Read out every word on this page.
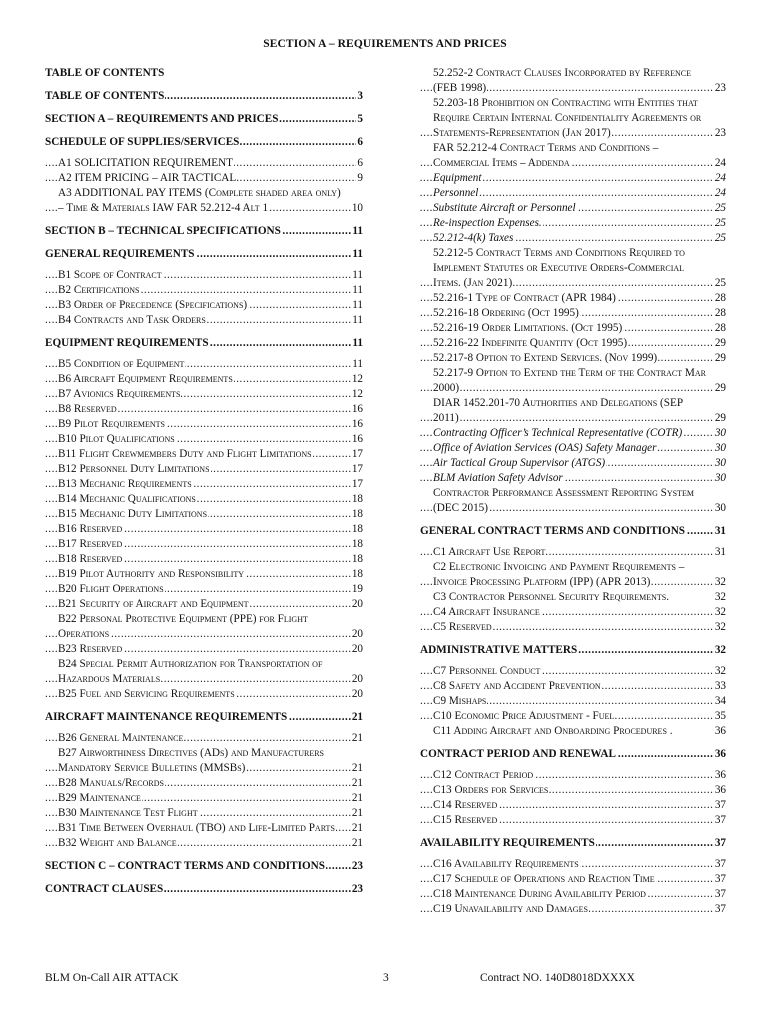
SECTION A – REQUIREMENTS AND PRICES
TABLE OF CONTENTS
.....
TABLE OF CONTENTS	3
.....
SECTION A – REQUIREMENTS AND PRICES	5
.....
SCHEDULE OF SUPPLIES/SERVICES	6
.....
A1 SOLICITATION REQUIREMENT	6
.....
A2 ITEM PRICING – AIR TACTICAL	9
.....
A3 ADDITIONAL PAY ITEMS (Complete shaded area only) – Time & Materials IAW FAR 52.212-4 Alt 1	10
.....
SECTION B – TECHNICAL SPECIFICATIONS	11
.....
GENERAL REQUIREMENTS	11
.....
B1 Scope of Contract	11
.....
B2 Certifications	11
.....
B3 Order of Precedence (Specifications)	11
.....
B4 Contracts and Task Orders	11
.....
EQUIPMENT REQUIREMENTS	11
.....
B5 Condition of Equipment	11
.....
B6 Aircraft Equipment Requirements	12
.....
B7 Avionics Requirements	12
.....
B8 Reserved	16
.....
B9 Pilot Requirements	16
.....
B10 Pilot Qualifications	16
.....
B11 Flight Crewmembers Duty and Flight Limitations	17
.....
B12 Personnel Duty Limitations	17
.....
B13 Mechanic Requirements	17
.....
B14 Mechanic Qualifications	18
.....
B15 Mechanic Duty Limitations	18
.....
B16 Reserved	18
.....
B17 Reserved	18
.....
B18 Reserved	18
.....
B19 Pilot Authority and Responsibility	18
.....
B20 Flight Operations	19
.....
B21 Security of Aircraft and Equipment	20
.....
B22 Personal Protective Equipment (PPE) for Flight Operations	20
.....
B23 Reserved	20
.....
B24 Special Permit Authorization for Transportation of Hazardous Materials	20
.....
B25 Fuel and Servicing Requirements	20
.....
AIRCRAFT MAINTENANCE REQUIREMENTS	21
.....
B26 General Maintenance	21
.....
B27 Airworthiness Directives (ADs) and Manufacturers Mandatory Service Bulletins (MMSBs)	21
.....
B28 Manuals/Records	21
.....
B29 Maintenance	21
.....
B30 Maintenance Test Flight	21
.....
B31 Time Between Overhaul (TBO) and Life-Limited Parts 21
.....
B32 Weight and Balance	21
.....
SECTION C – CONTRACT TERMS AND CONDITIONS 23
.....
CONTRACT CLAUSES	23
.....
52.252-2 Contract Clauses Incorporated by Reference (FEB 1998)	23
.....
52.203-18 Prohibition on Contracting with Entities that Require Certain Internal Confidentiality Agreements or Statements-Representation (Jan 2017)	23
.....
FAR 52.212-4 Contract Terms and Conditions – Commercial Items – Addenda	24
.....
Equipment	24
.....
Personnel	24
.....
Substitute Aircraft or Personnel	25
.....
Re-inspection Expenses.	25
.....
52.212-4(k) Taxes	25
.....
52.212-5 Contract Terms and Conditions Required to Implement Statutes or Executive Orders-Commercial Items. (Jan 2021)	25
.....
52.216-1 Type of Contract (APR 1984)	28
.....
52.216-18 Ordering (Oct 1995)	28
.....
52.216-19 Order Limitations. (Oct 1995)	28
.....
52.216-22 Indefinite Quantity (Oct 1995)	29
.....
52.217-8 Option to Extend Services. (Nov 1999)	29
.....
52.217-9 Option to Extend the Term of the Contract Mar 2000)	29
.....
DIAR 1452.201-70 Authorities and Delegations (SEP 2011)	29
.....
Contracting Officer’s Technical Representative (COTR)	30
.....
Office of Aviation Services (OAS) Safety Manager	30
.....
Air Tactical Group Supervisor (ATGS)	30
.....
BLM Aviation Safety Advisor	30
.....
Contractor Performance Assessment Reporting System (DEC 2015)	30
.....
GENERAL CONTRACT TERMS AND CONDITIONS	31
.....
C1 Aircraft Use Report	31
.....
C2 Electronic Invoicing and Payment Requirements – Invoice Processing Platform (IPP) (APR 2013)	32
C3 Contractor Personnel Security Requirements.	32
.....
C4 Aircraft Insurance	32
.....
C5 Reserved	32
.....
ADMINISTRATIVE MATTERS	32
.....
C7 Personnel Conduct	32
.....
C8 Safety and Accident Prevention	33
.....
C9 Mishaps	34
.....
C10 Economic Price Adjustment - Fuel	35
C11 Adding Aircraft and Onboarding Procedures .	36
.....
CONTRACT PERIOD AND RENEWAL	36
.....
C12 Contract Period	36
.....
C13 Orders for Services	36
.....
C14 Reserved	37
.....
C15 Reserved	37
.....
AVAILABILITY REQUIREMENTS	37
.....
C16 Availability Requirements	37
.....
C17 Schedule of Operations and Reaction Time	37
.....
C18 Maintenance During Availability Period	37
.....
C19 Unavailability and Damages	37
BLM On-Call AIR ATTACK	3	Contract NO. 140D8018DXXXX
